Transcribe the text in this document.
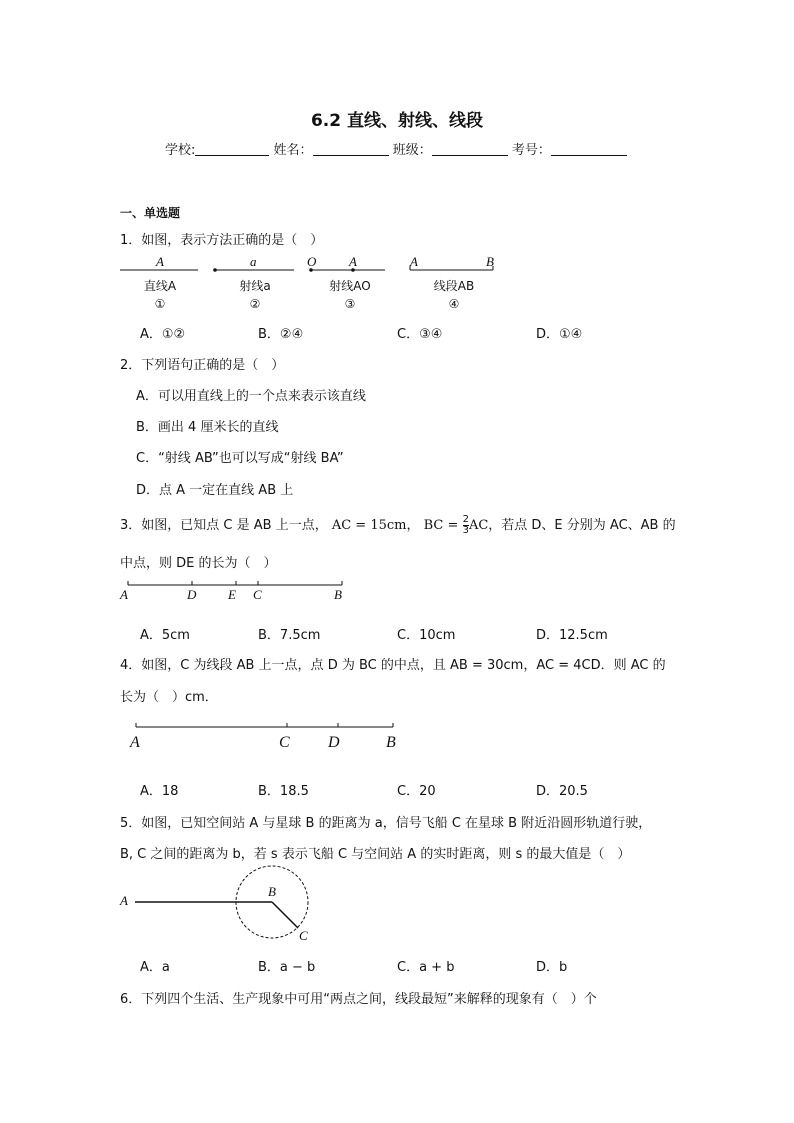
6.2 直线、射线、线段
学校:	姓名：	班级：	考号：
一、单选题
1．如图，表示方法正确的是（　）
A	a	O	A	A	B
直线A	射线a	射线AO	线段AB
①	②	③	④
A．①②	B．②④	C．③④	D．①④
2．下列语句正确的是（　）
A．可以用直线上的一个点来表示该直线
B．画出 4 厘米长的直线
C．“射线 AB”也可以写成“射线 BA”
D．点 A 一定在直线 AB 上
3．如图，已知点 C 是 AB 上一点， AC = 15cm， BC = $\frac{2}{3}$ AC，若点 D、E 分别为 AC、AB 的
中点，则 DE 的长为（　）
A	D E C	B
A．5cm	B．7.5cm	C．10cm	D．12.5cm
4．如图，C 为线段 AB 上一点，点 D 为 BC 的中点，且 AB = 30cm，AC = 4CD．则 AC 的
长为（　）cm．
A	C D	B
A．18	B．18.5	C．20	D．20.5
5．如图，已知空间站 A 与星球 B 的距离为 a，信号飞船 C 在星球 B 附近沿圆形轨道行驶，
B, C 之间的距离为 b，若 s 表示飞船 C 与空间站 A 的实时距离，则 s 的最大值是（　）
A
B
C
A．a	B．a − b	C．a + b	D．b
6．下列四个生活、生产现象中可用“两点之间，线段最短”来解释的现象有（　）个
